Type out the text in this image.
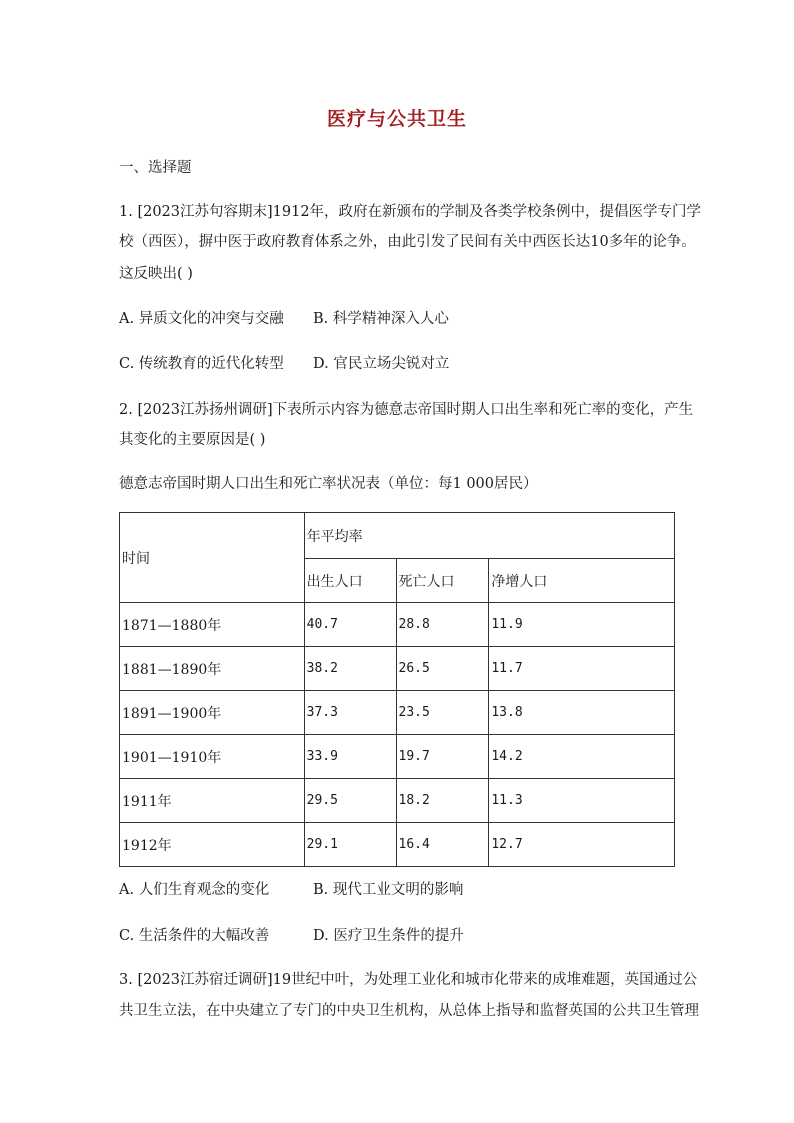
医疗与公共卫生
一、选择题
1. [2023江苏句容期末]1912年，政府在新颁布的学制及各类学校条例中，提倡医学专门学
校（西医），摒中医于政府教育体系之外，由此引发了民间有关中西医长达10多年的论争。
这反映出( )
A. 异质文化的冲突与交融 B. 科学精神深入人心
C. 传统教育的近代化转型 D. 官民立场尖锐对立
2. [2023江苏扬州调研]下表所示内容为德意志帝国时期人口出生率和死亡率的变化，产生
其变化的主要原因是( )
德意志帝国时期人口出生和死亡率状况表（单位：每1 000居民）
时间	年平均率		
	出生人口	死亡人口	净增人口
1871—1880年	40.7	28.8	11.9
1881—1890年	38.2	26.5	11.7
1891—1900年	37.3	23.5	13.8
1901—1910年	33.9	19.7	14.2
1911年	29.5	18.2	11.3
1912年	29.1	16.4	12.7
A. 人们生育观念的变化	B. 现代工业文明的影响
C. 生活条件的大幅改善	D. 医疗卫生条件的提升
3. [2023江苏宿迁调研]19世纪中叶，为处理工业化和城市化带来的成堆难题，英国通过公
共卫生立法，在中央建立了专门的中央卫生机构，从总体上指导和监督英国的公共卫生管理
